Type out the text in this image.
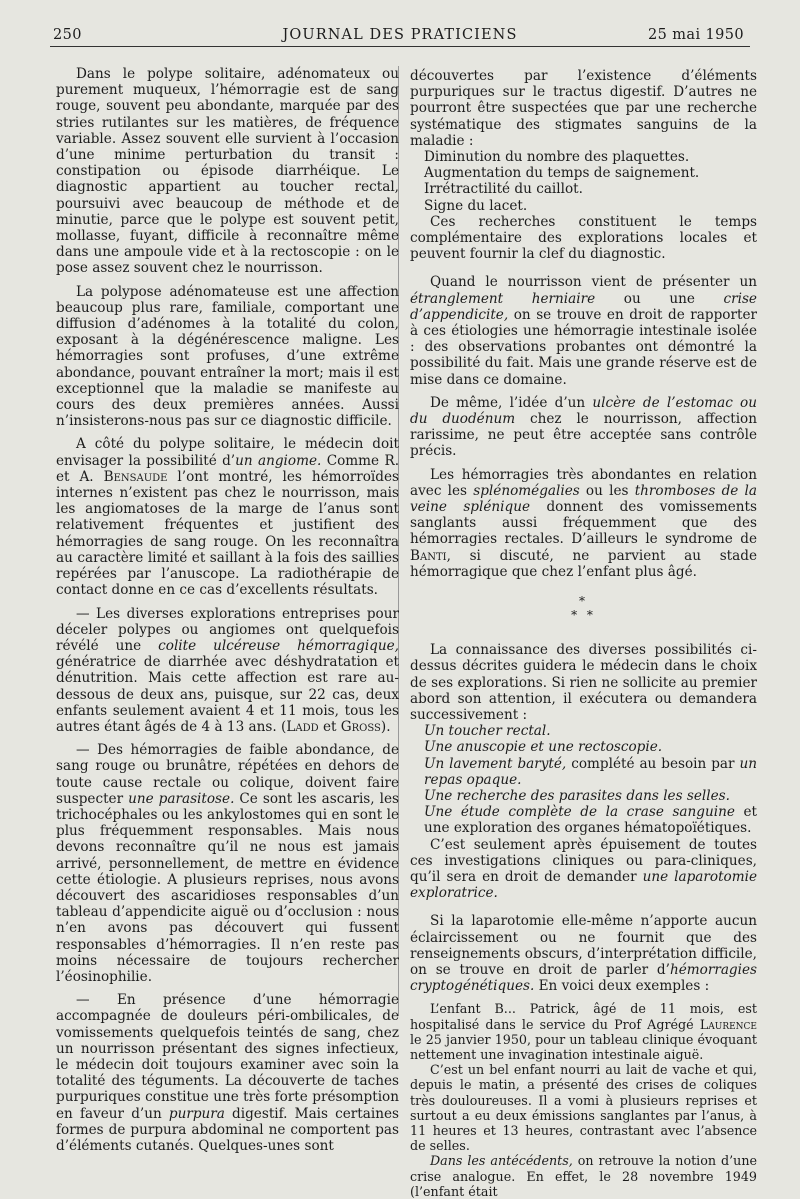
250	JOURNAL DES PRATICIENS	25 mai 1950

Dans le polype solitaire, adénomateux ou purement muqueux, l’hémorragie est de sang rouge, souvent peu abondante, marquée par des stries rutilantes sur les matières, de fréquence variable. Assez souvent elle survient à l’occasion d’une minime perturbation du transit : constipation ou épisode diarrhéique. Le diagnostic appartient au toucher rectal, poursuivi avec beaucoup de méthode et de minutie, parce que le polype est souvent petit, mollasse, fuyant, difficile à reconnaître même dans une ampoule vide et à la rectoscopie : on le pose assez souvent chez le nourrisson.

La polypose adénomateuse est une affection beaucoup plus rare, familiale, comportant une diffusion d’adénomes à la totalité du colon, exposant à la dégénérescence maligne. Les hémorragies sont profuses, d’une extrême abondance, pouvant entraîner la mort; mais il est exceptionnel que la maladie se manifeste au cours des deux premières années. Aussi n’insisterons-nous pas sur ce diagnostic difficile.

A côté du polype solitaire, le médecin doit envisager la possibilité d’un angiome. Comme R. et A. Bensaude l’ont montré, les hémorroïdes internes n’existent pas chez le nourrisson, mais les angiomatoses de la marge de l’anus sont relativement fréquentes et justifient des hémorragies de sang rouge. On les reconnaîtra au caractère limité et saillant à la fois des saillies repérées par l’anuscope. La radiothérapie de contact donne en ce cas d’excellents résultats.

— Les diverses explorations entreprises pour déceler polypes ou angiomes ont quelquefois révélé une colite ulcéreuse hémorragique, génératrice de diarrhée avec déshydratation et dénutrition. Mais cette affection est rare au-dessous de deux ans, puisque, sur 22 cas, deux enfants seulement avaient 4 et 11 mois, tous les autres étant âgés de 4 à 13 ans. (Ladd et Gross).

— Des hémorragies de faible abondance, de sang rouge ou brunâtre, répétées en dehors de toute cause rectale ou colique, doivent faire suspecter une parasitose. Ce sont les ascaris, les trichocéphales ou les ankylostomes qui en sont le plus fréquemment responsables. Mais nous devons reconnaître qu’il ne nous est jamais arrivé, personnellement, de mettre en évidence cette étiologie. A plusieurs reprises, nous avons découvert des ascaridioses responsables d’un tableau d’appendicite aiguë ou d’occlusion : nous n’en avons pas découvert qui fussent responsables d’hémorragies. Il n’en reste pas moins nécessaire de toujours rechercher l’éosinophilie.

— En présence d’une hémorragie accompagnée de douleurs péri-ombilicales, de vomissements quelquefois teintés de sang, chez un nourrisson présentant des signes infectieux, le médecin doit toujours examiner avec soin la totalité des téguments. La découverte de taches purpuriques constitue une très forte présomption en faveur d’un purpura digestif. Mais certaines formes de purpura abdominal ne comportent pas d’éléments cutanés. Quelques-unes sont

découvertes par l’existence d’éléments purpuriques sur le tractus digestif. D’autres ne pourront être suspectées que par une recherche systématique des stigmates sanguins de la maladie :

Diminution du nombre des plaquettes.

Augmentation du temps de saignement.

Irrétractilité du caillot.

Signe du lacet.

Ces recherches constituent le temps complémentaire des explorations locales et peuvent fournir la clef du diagnostic.

Quand le nourrisson vient de présenter un étranglement herniaire ou une crise d’appendicite, on se trouve en droit de rapporter à ces étiologies une hémorragie intestinale isolée : des observations probantes ont démontré la possibilité du fait. Mais une grande réserve est de mise dans ce domaine.

De même, l’idée d’un ulcère de l’estomac ou du duodénum chez le nourrisson, affection rarissime, ne peut être acceptée sans contrôle précis.

Les hémorragies très abondantes en relation avec les splénomégalies ou les thromboses de la veine splénique donnent des vomissements sanglants aussi fréquemment que des hémorragies rectales. D’ailleurs le syndrome de Banti, si discuté, ne parvient au stade hémorragique que chez l’enfant plus âgé.

*
* *

La connaissance des diverses possibilités ci-dessus décrites guidera le médecin dans le choix de ses explorations. Si rien ne sollicite au premier abord son attention, il exécutera ou demandera successivement :

Un toucher rectal.

Une anuscopie et une rectoscopie.

Un lavement baryté, complété au besoin par un repas opaque.

Une recherche des parasites dans les selles.

Une étude complète de la crase sanguine et une exploration des organes hématopoïétiques.

C’est seulement après épuisement de toutes ces investigations cliniques ou para-cliniques, qu’il sera en droit de demander une laparotomie exploratrice.

Si la laparotomie elle-même n’apporte aucun éclaircissement ou ne fournit que des renseignements obscurs, d’interprétation difficile, on se trouve en droit de parler d’hémorragies cryptogénétiques. En voici deux exemples :

L’enfant B... Patrick, âgé de 11 mois, est hospitalisé dans le service du Prof Agrégé Laurence le 25 janvier 1950, pour un tableau clinique évoquant nettement une invagination intestinale aiguë.

C’est un bel enfant nourri au lait de vache et qui, depuis le matin, a présenté des crises de coliques très douloureuses. Il a vomi à plusieurs reprises et surtout a eu deux émissions sanglantes par l’anus, à 11 heures et 13 heures, contrastant avec l’absence de selles.

Dans les antécédents, on retrouve la notion d’une crise analogue. En effet, le 28 novembre 1949 (l’enfant était
